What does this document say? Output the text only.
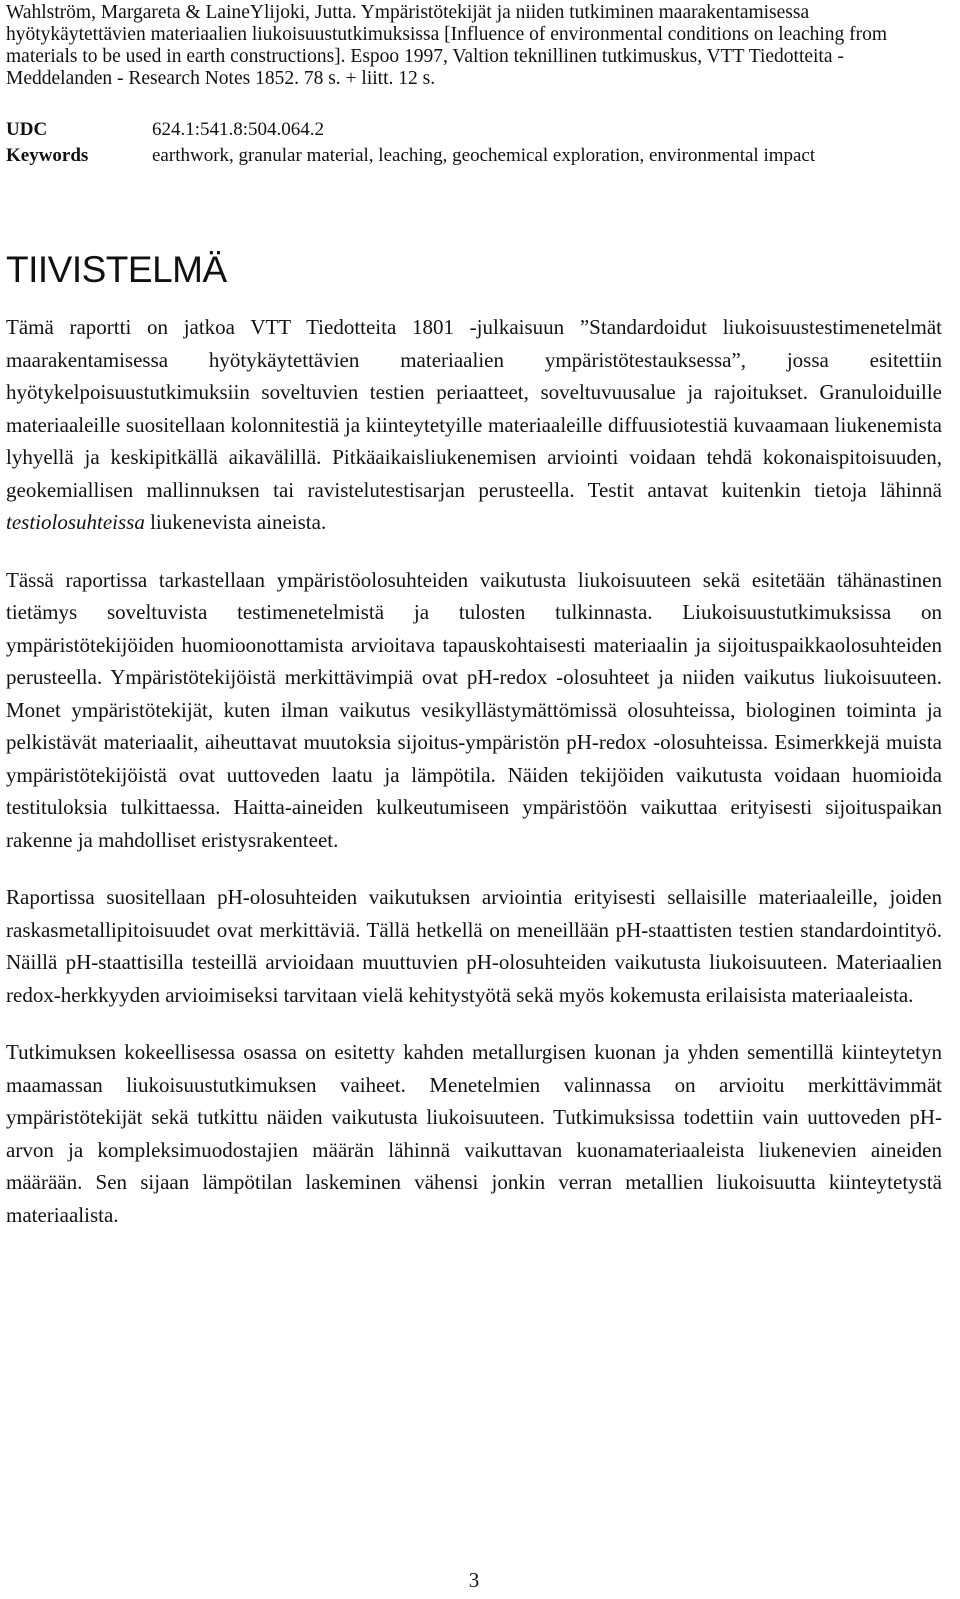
Wahlström, Margareta & LaineYlijoki, Jutta. Ympäristötekijät ja niiden tutkiminen maarakentamisessa hyötykäytettävien materiaalien liukoisuustutkimuksissa [Influence of environmental conditions on leaching from materials to be used in earth constructions]. Espoo 1997, Valtion teknillinen tutkimuskus, VTT Tiedotteita - Meddelanden - Research Notes 1852. 78 s. + liitt. 12 s.

UDC	624.1:541.8:504.064.2
Keywords	earthwork, granular material, leaching, geochemical exploration, environmental impact
TIIVISTELMÄ

Tämä raportti on jatkoa VTT Tiedotteita 1801 -julkaisuun ”Standardoidut liukoisuustestimenetelmät maarakentamisessa hyötykäytettävien materiaalien ympäristötestauksessa”, jossa esitettiin hyötykelpoisuustutkimuksiin soveltuvien testien periaatteet, soveltuvuusalue ja rajoitukset. Granuloiduille materiaaleille suositellaan kolonnitestiä ja kiinteytetyille materiaaleille diffuusiotestiä kuvaamaan liukenemista lyhyellä ja keskipitkällä aikavälillä. Pitkäaikaisliukenemisen arviointi voidaan tehdä kokonaispitoisuuden, geokemiallisen mallinnuksen tai ravistelutestisarjan perusteella. Testit antavat kuitenkin tietoja lähinnä testiolosuhteissa liukenevista aineista.

Tässä raportissa tarkastellaan ympäristöolosuhteiden vaikutusta liukoisuuteen sekä esitetään tähänastinen tietämys soveltuvista testimenetelmistä ja tulosten tulkinnasta. Liukoisuustutkimuksissa on ympäristötekijöiden huomioonottamista arvioitava tapauskohtaisesti materiaalin ja sijoituspaikkaolosuhteiden perusteella. Ympäristötekijöistä merkittävimpiä ovat pH-redox -olosuhteet ja niiden vaikutus liukoisuuteen. Monet ympäristötekijät, kuten ilman vaikutus vesikyllästymättömissä olosuhteissa, biologinen toiminta ja pelkistävät materiaalit, aiheuttavat muutoksia sijoitus-ympäristön pH-redox -olosuhteissa. Esimerkkejä muista ympäristötekijöistä ovat uuttoveden laatu ja lämpötila. Näiden tekijöiden vaikutusta voidaan huomioida testituloksia tulkittaessa. Haitta-aineiden kulkeutumiseen ympäristöön vaikuttaa erityisesti sijoituspaikan rakenne ja mahdolliset eristysrakenteet.

Raportissa suositellaan pH-olosuhteiden vaikutuksen arviointia erityisesti sellaisille materiaaleille, joiden raskasmetallipitoisuudet ovat merkittäviä. Tällä hetkellä on meneillään pH-staattisten testien standardointityö. Näillä pH-staattisilla testeillä arvioidaan muuttuvien pH-olosuhteiden vaikutusta liukoisuuteen. Materiaalien redox-herkkyyden arvioimiseksi tarvitaan vielä kehitystyötä sekä myös kokemusta erilaisista materiaaleista.

Tutkimuksen kokeellisessa osassa on esitetty kahden metallurgisen kuonan ja yhden sementillä kiinteytetyn maamassan liukoisuustutkimuksen vaiheet. Menetelmien valinnassa on arvioitu merkittävimmät ympäristötekijät sekä tutkittu näiden vaikutusta liukoisuuteen. Tutkimuksissa todettiin vain uuttoveden pH-arvon ja kompleksimuodostajien määrän lähinnä vaikuttavan kuonamateriaaleista liukenevien aineiden määrään. Sen sijaan lämpötilan laskeminen vähensi jonkin verran metallien liukoisuutta kiinteytetystä materiaalista.

3
